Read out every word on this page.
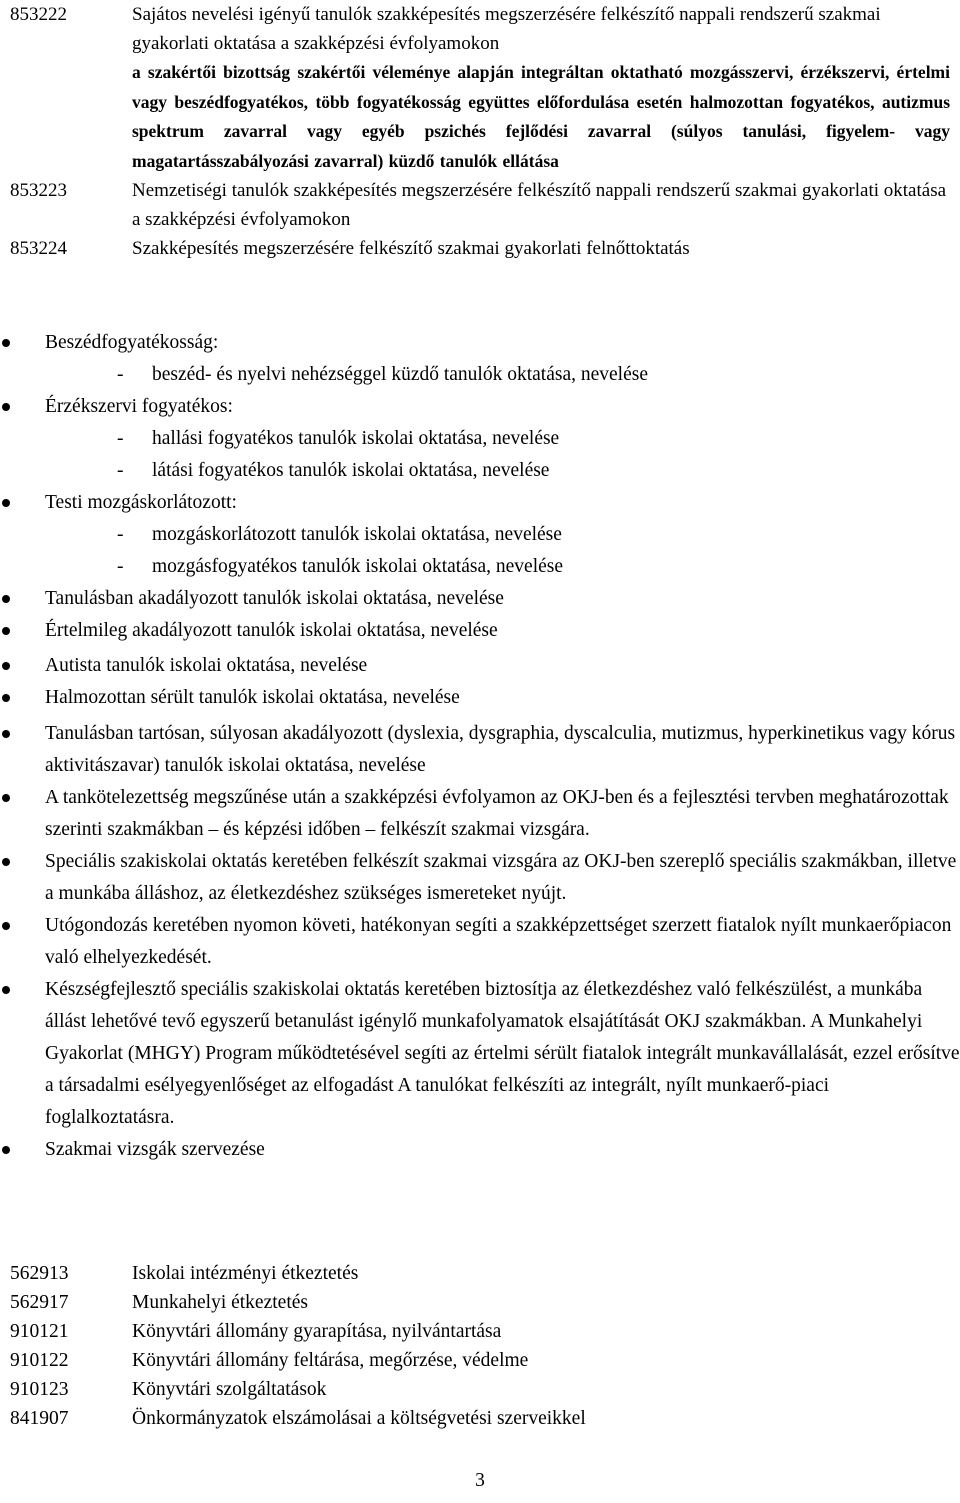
853222	Sajátos nevelési igényű tanulók szakképesítés megszerzésére felkészítő nappali rendszerű szakmai gyakorlati oktatása a szakképzési évfolyamokon
a szakértői bizottság szakértői véleménye alapján integráltan oktatható mozgásszervi, érzékszervi, értelmi vagy beszédfogyatékos, több fogyatékosság együttes előfordulása esetén halmozottan fogyatékos, autizmus spektrum zavarral vagy egyéb pszichés fejlődési zavarral (súlyos tanulási, figyelem- vagy magatartásszabályozási zavarral) küzdő tanulók ellátása
853223	Nemzetiségi tanulók szakképesítés megszerzésére felkészítő nappali rendszerű szakmai gyakorlati oktatása a szakképzési évfolyamokon
853224	Szakképesítés megszerzésére felkészítő szakmai gyakorlati felnőttoktatás
Beszédfogyatékosság:
- beszéd- és nyelvi nehézséggel küzdő tanulók oktatása, nevelése
Érzékszervi fogyatékos:
- hallási fogyatékos tanulók iskolai oktatása, nevelése
- látási fogyatékos tanulók iskolai oktatása, nevelése
Testi mozgáskorlátozott:
- mozgáskorlátozott tanulók iskolai oktatása, nevelése
- mozgásfogyatékos tanulók iskolai oktatása, nevelése
Tanulásban akadályozott tanulók iskolai oktatása, nevelése
Értelmileg akadályozott tanulók iskolai oktatása, nevelése
Autista tanulók iskolai oktatása, nevelése
Halmozottan sérült tanulók iskolai oktatása, nevelése
Tanulásban tartósan, súlyosan akadályozott (dyslexia, dysgraphia, dyscalculia, mutizmus, hyperkinetikus vagy kórus aktivitászavar) tanulók iskolai oktatása, nevelése
A tankötelezettség megszűnése után a szakképzési évfolyamon az OKJ-ben és a fejlesztési tervben meghatározottak szerinti szakmákban – és képzési időben – felkészít szakmai vizsgára.
Speciális szakiskolai oktatás keretében felkészít szakmai vizsgára az OKJ-ben szereplő speciális szakmákban, illetve a munkába álláshoz, az életkezdéshez szükséges ismereteket nyújt.
Utógondozás keretében nyomon követi, hatékonyan segíti a szakképzettséget szerzett fiatalok nyílt munkaerőpiacon való elhelyezkedését.
Készségfejlesztő speciális szakiskolai oktatás keretében biztosítja az életkezdéshez való felkészülést, a munkába állást lehetővé tevő egyszerű betanulást igénylő munkafolyamatok elsajátítását OKJ szakmákban. A Munkahelyi Gyakorlat (MHGY) Program működtetésével segíti az értelmi sérült fiatalok integrált munkavállalását, ezzel erősítve a társadalmi esélyegyenlőséget az elfogadást A tanulókat felkészíti az integrált, nyílt munkaerő-piaci foglalkoztatásra.
Szakmai vizsgák szervezése
562913	Iskolai intézményi étkeztetés
562917	Munkahelyi étkeztetés
910121	Könyvtári állomány gyarapítása, nyilvántartása
910122	Könyvtári állomány feltárása, megőrzése, védelme
910123	Könyvtári szolgáltatások
841907	Önkormányzatok elszámolásai a költségvetési szerveikkel
3
